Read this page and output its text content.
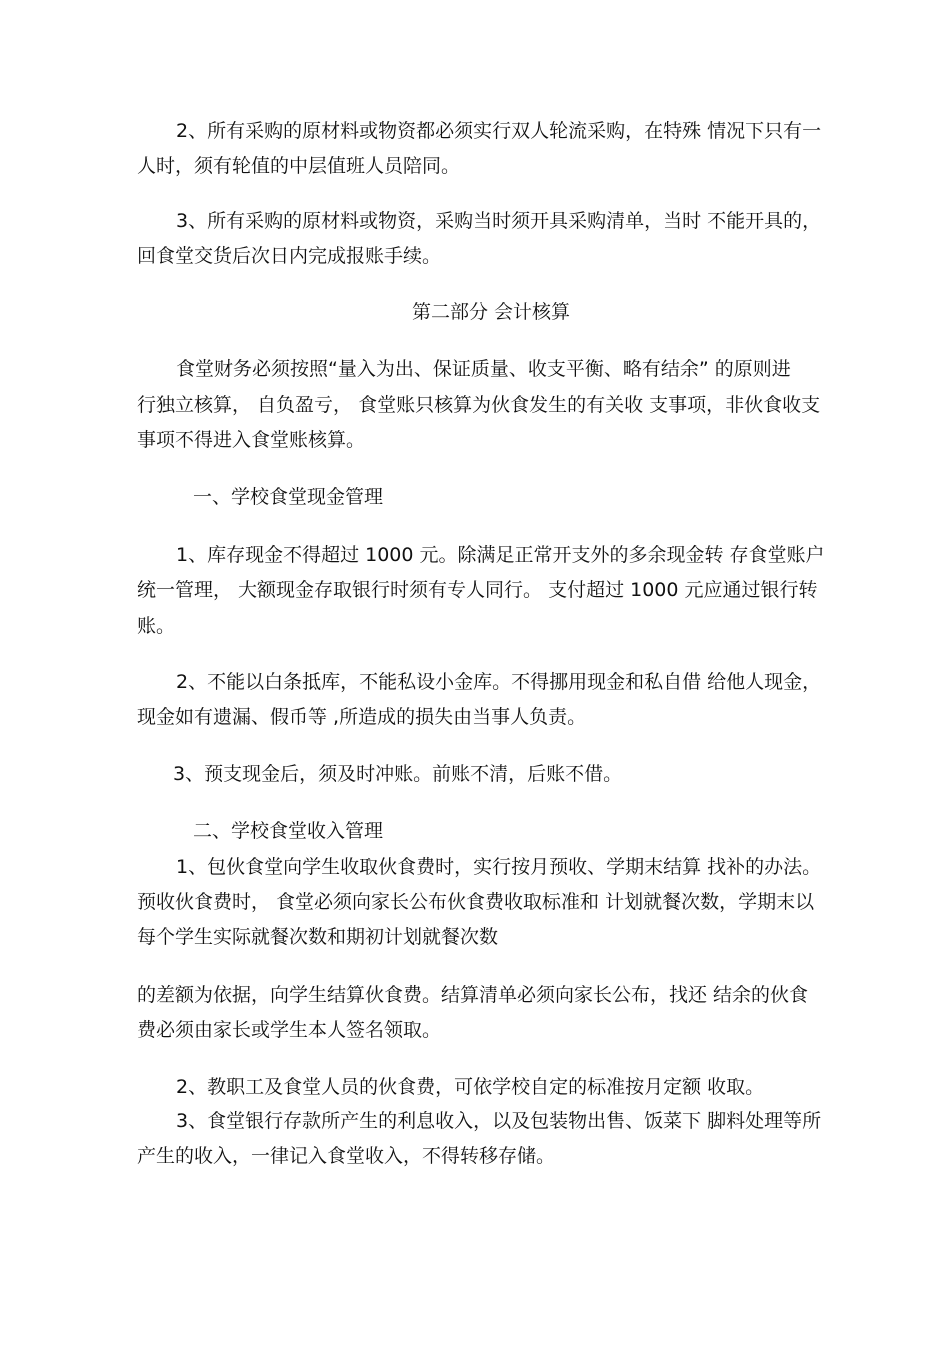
2、所有采购的原材料或物资都必须实行双人轮流采购，在特殊 情况下只有一
人时，须有轮值的中层值班人员陪同。
3、所有采购的原材料或物资，采购当时须开具采购清单，当时 不能开具的，
回食堂交货后次日内完成报账手续。
第二部分 会计核算
食堂财务必须按照“量入为出、保证质量、收支平衡、略有结余” 的原则进
行独立核算， 自负盈亏， 食堂账只核算为伙食发生的有关收 支事项，非伙食收支
事项不得进入食堂账核算。
一、学校食堂现金管理
1、库存现金不得超过 1000 元。除满足正常开支外的多余现金转 存食堂账户
统一管理， 大额现金存取银行时须有专人同行。 支付超过 1000 元应通过银行转
账。
2、不能以白条抵库，不能私设小金库。不得挪用现金和私自借 给他人现金，
现金如有遗漏、假币等 ,所造成的损失由当事人负责。
3、预支现金后，须及时冲账。前账不清，后账不借。
二、学校食堂收入管理
1、包伙食堂向学生收取伙食费时，实行按月预收、学期末结算 找补的办法。
预收伙食费时， 食堂必须向家长公布伙食费收取标准和 计划就餐次数，学期末以
每个学生实际就餐次数和期初计划就餐次数
的差额为依据，向学生结算伙食费。结算清单必须向家长公布，找还 结余的伙食
费必须由家长或学生本人签名领取。
2、教职工及食堂人员的伙食费，可依学校自定的标准按月定额 收取。
3、食堂银行存款所产生的利息收入，以及包装物出售、饭菜下 脚料处理等所
产生的收入，一律记入食堂收入，不得转移存储。
